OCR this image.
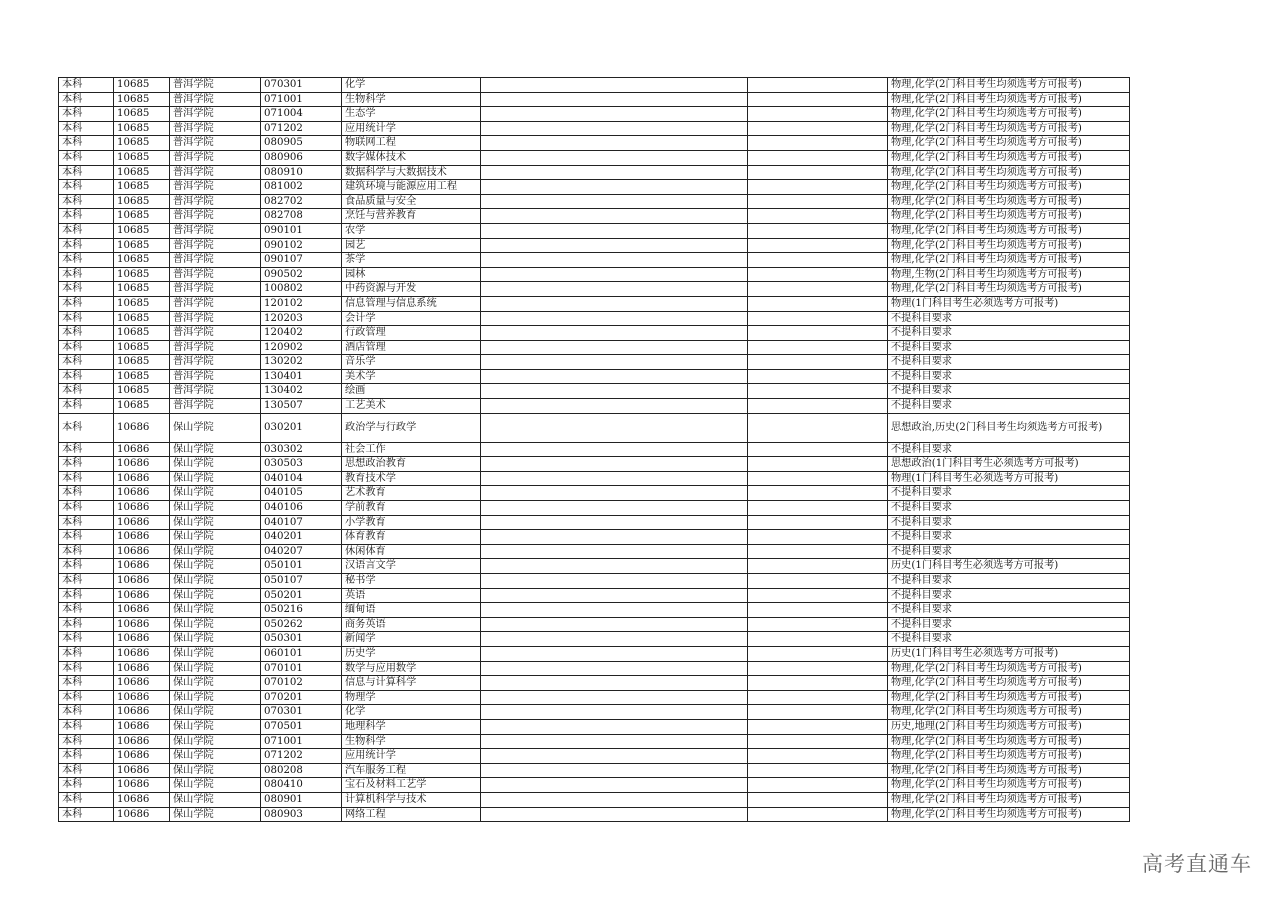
本科	10685	普洱学院	070301	化学			物理,化学(2门科目考生均须选考方可报考)
本科	10685	普洱学院	071001	生物科学			物理,化学(2门科目考生均须选考方可报考)
本科	10685	普洱学院	071004	生态学			物理,化学(2门科目考生均须选考方可报考)
本科	10685	普洱学院	071202	应用统计学			物理,化学(2门科目考生均须选考方可报考)
本科	10685	普洱学院	080905	物联网工程			物理,化学(2门科目考生均须选考方可报考)
本科	10685	普洱学院	080906	数字媒体技术			物理,化学(2门科目考生均须选考方可报考)
本科	10685	普洱学院	080910	数据科学与大数据技术			物理,化学(2门科目考生均须选考方可报考)
本科	10685	普洱学院	081002	建筑环境与能源应用工程			物理,化学(2门科目考生均须选考方可报考)
本科	10685	普洱学院	082702	食品质量与安全			物理,化学(2门科目考生均须选考方可报考)
本科	10685	普洱学院	082708	烹饪与营养教育			物理,化学(2门科目考生均须选考方可报考)
本科	10685	普洱学院	090101	农学			物理,化学(2门科目考生均须选考方可报考)
本科	10685	普洱学院	090102	园艺			物理,化学(2门科目考生均须选考方可报考)
本科	10685	普洱学院	090107	茶学			物理,化学(2门科目考生均须选考方可报考)
本科	10685	普洱学院	090502	园林			物理,生物(2门科目考生均须选考方可报考)
本科	10685	普洱学院	100802	中药资源与开发			物理,化学(2门科目考生均须选考方可报考)
本科	10685	普洱学院	120102	信息管理与信息系统			物理(1门科目考生必须选考方可报考)
本科	10685	普洱学院	120203	会计学			不提科目要求
本科	10685	普洱学院	120402	行政管理			不提科目要求
本科	10685	普洱学院	120902	酒店管理			不提科目要求
本科	10685	普洱学院	130202	音乐学			不提科目要求
本科	10685	普洱学院	130401	美术学			不提科目要求
本科	10685	普洱学院	130402	绘画			不提科目要求
本科	10685	普洱学院	130507	工艺美术			不提科目要求
本科	10686	保山学院	030201	政治学与行政学			思想政治,历史(2门科目考生均须选考方可报考)
本科	10686	保山学院	030302	社会工作			不提科目要求
本科	10686	保山学院	030503	思想政治教育			思想政治(1门科目考生必须选考方可报考)
本科	10686	保山学院	040104	教育技术学			物理(1门科目考生必须选考方可报考)
本科	10686	保山学院	040105	艺术教育			不提科目要求
本科	10686	保山学院	040106	学前教育			不提科目要求
本科	10686	保山学院	040107	小学教育			不提科目要求
本科	10686	保山学院	040201	体育教育			不提科目要求
本科	10686	保山学院	040207	休闲体育			不提科目要求
本科	10686	保山学院	050101	汉语言文学			历史(1门科目考生必须选考方可报考)
本科	10686	保山学院	050107	秘书学			不提科目要求
本科	10686	保山学院	050201	英语			不提科目要求
本科	10686	保山学院	050216	缅甸语			不提科目要求
本科	10686	保山学院	050262	商务英语			不提科目要求
本科	10686	保山学院	050301	新闻学			不提科目要求
本科	10686	保山学院	060101	历史学			历史(1门科目考生必须选考方可报考)
本科	10686	保山学院	070101	数学与应用数学			物理,化学(2门科目考生均须选考方可报考)
本科	10686	保山学院	070102	信息与计算科学			物理,化学(2门科目考生均须选考方可报考)
本科	10686	保山学院	070201	物理学			物理,化学(2门科目考生均须选考方可报考)
本科	10686	保山学院	070301	化学			物理,化学(2门科目考生均须选考方可报考)
本科	10686	保山学院	070501	地理科学			历史,地理(2门科目考生均须选考方可报考)
本科	10686	保山学院	071001	生物科学			物理,化学(2门科目考生均须选考方可报考)
本科	10686	保山学院	071202	应用统计学			物理,化学(2门科目考生均须选考方可报考)
本科	10686	保山学院	080208	汽车服务工程			物理,化学(2门科目考生均须选考方可报考)
本科	10686	保山学院	080410	宝石及材料工艺学			物理,化学(2门科目考生均须选考方可报考)
本科	10686	保山学院	080901	计算机科学与技术			物理,化学(2门科目考生均须选考方可报考)
本科	10686	保山学院	080903	网络工程			物理,化学(2门科目考生均须选考方可报考)
高考直通车
